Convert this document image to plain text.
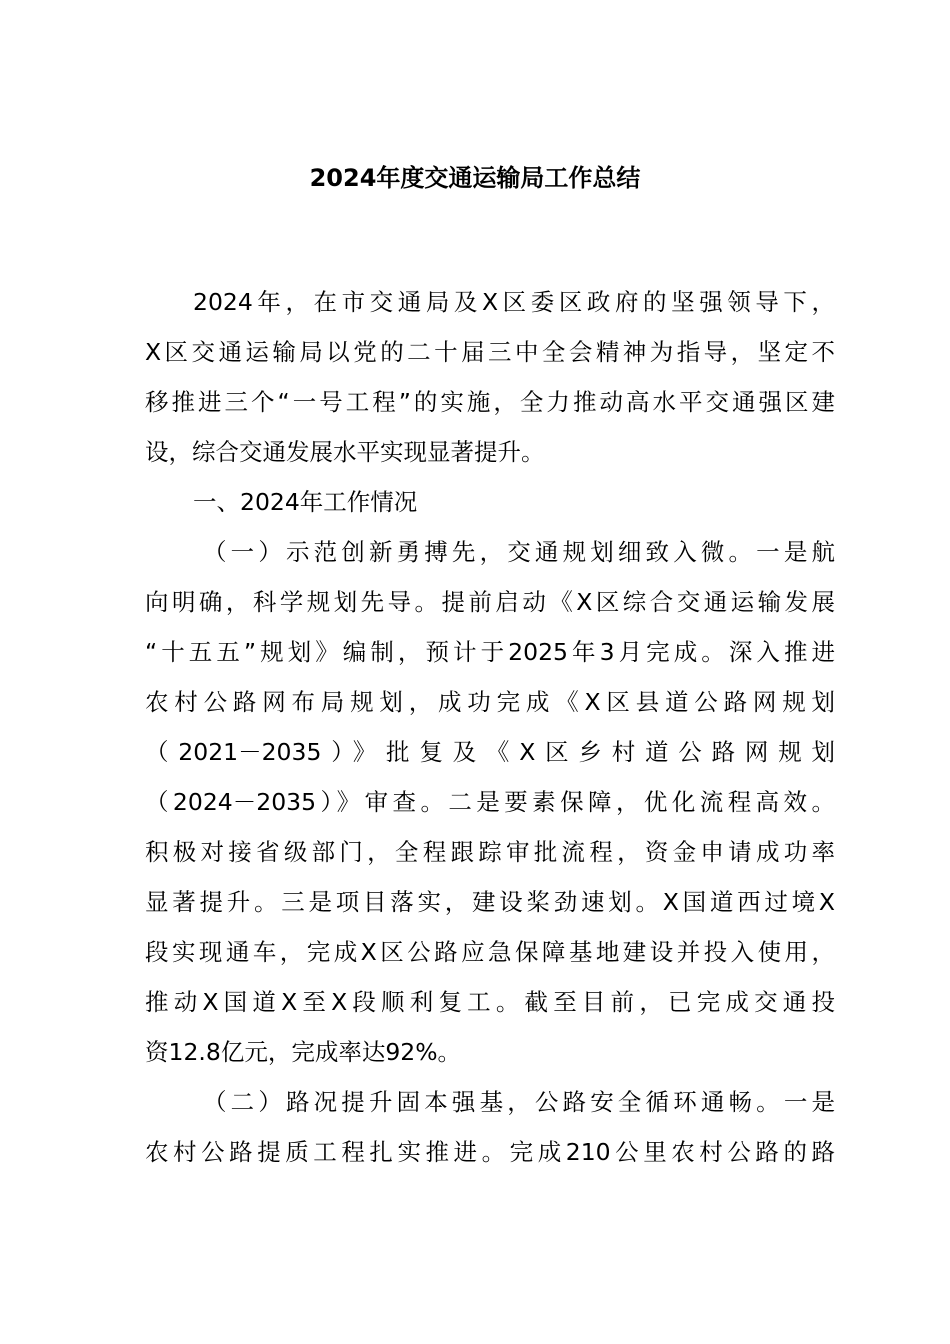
2024年度交通运输局工作总结
2024年，在市交通局及X区委区政府的坚强领导下，
X区交通运输局以党的二十届三中全会精神为指导，坚定不
移推进三个“一号工程”的实施，全力推动高水平交通强区建
设，综合交通发展水平实现显著提升。
一、2024年工作情况
（一）示范创新勇搏先，交通规划细致入微。一是航
向明确，科学规划先导。提前启动《X区综合交通运输发展
“十五五”规划》编制，预计于2025年3月完成。深入推进
农村公路网布局规划，成功完成《X区县道公路网规划
（2021－2035）》批复及《X区乡村道公路网规划
（2024－2035）》审查。二是要素保障，优化流程高效。
积极对接省级部门，全程跟踪审批流程，资金申请成功率
显著提升。三是项目落实，建设桨劲速划。X国道西过境X
段实现通车，完成X区公路应急保障基地建设并投入使用，
推动X国道X至X段顺利复工。截至目前，已完成交通投
资12.8亿元，完成率达92%。
（二）路况提升固本强基，公路安全循环通畅。一是
农村公路提质工程扎实推进。完成210公里农村公路的路
